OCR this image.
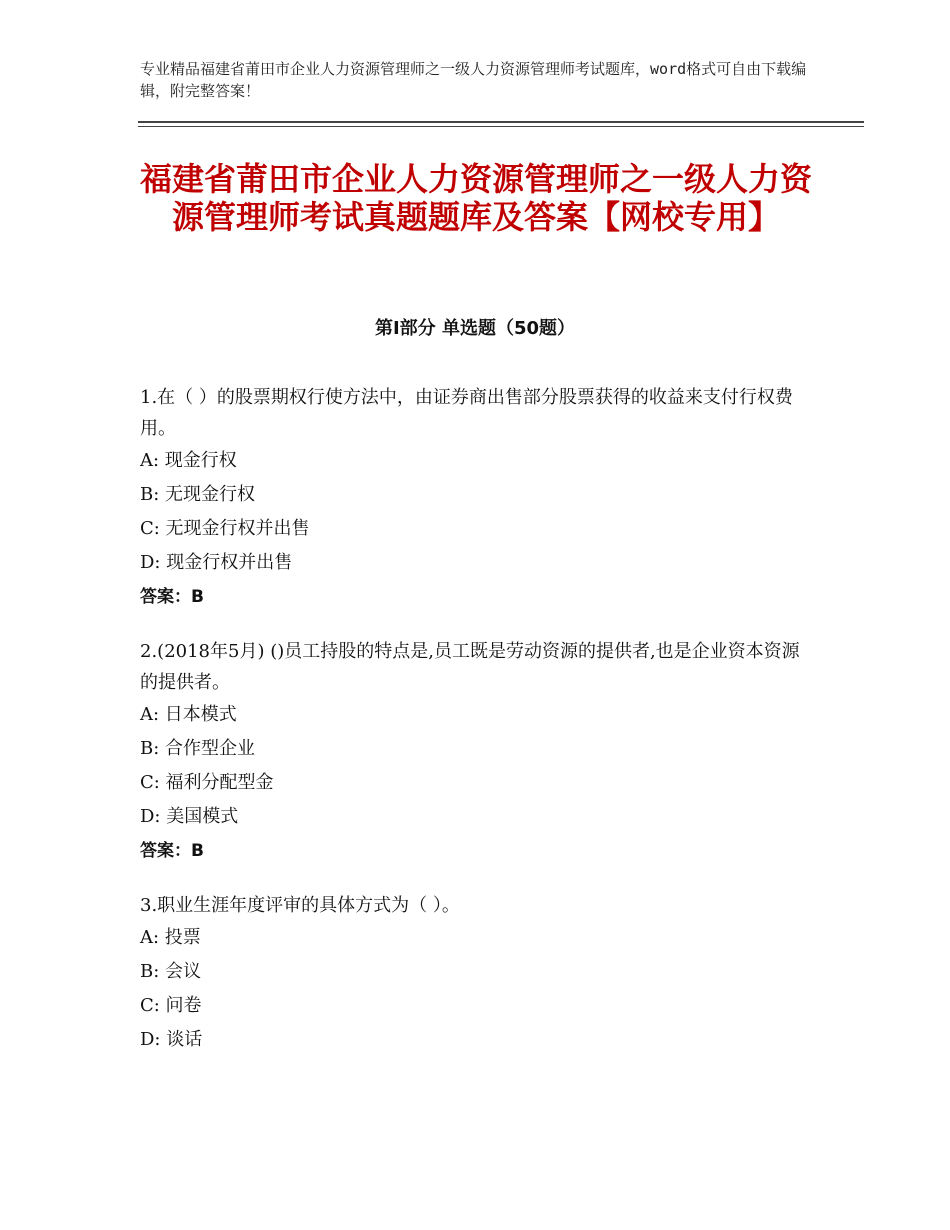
专业精品福建省莆田市企业人力资源管理师之一级人力资源管理师考试题库，word格式可自由下载编辑，附完整答案！
福建省莆田市企业人力资源管理师之一级人力资源管理师考试真题题库及答案【网校专用】
第I部分 单选题（50题）

1.在（ ）的股票期权行使方法中，由证券商出售部分股票获得的收益来支付行权费用。

A: 现金行权

B: 无现金行权

C: 无现金行权并出售

D: 现金行权并出售

答案：B

2.(2018年5月) ()员工持股的特点是,员工既是劳动资源的提供者,也是企业资本资源的提供者。

A: 日本模式

B: 合作型企业

C: 福利分配型金

D: 美国模式

答案：B

3.职业生涯年度评审的具体方式为（ ）。

A: 投票

B: 会议

C: 问卷

D: 谈话
